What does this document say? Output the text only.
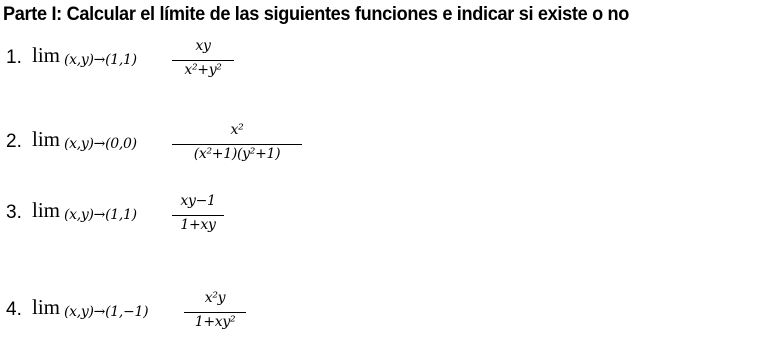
Parte I: Calcular el límite de las siguientes funciones e indicar si existe o no
1. lim (x,y)→(1,1)
xy
x²+y²
2. lim (x,y)→(0,0)
x²
(x²+1)(y²+1)
3. lim (x,y)→(1,1)
xy−1
1+xy
4. lim (x,y)→(1,−1)
x²y
1+xy²
